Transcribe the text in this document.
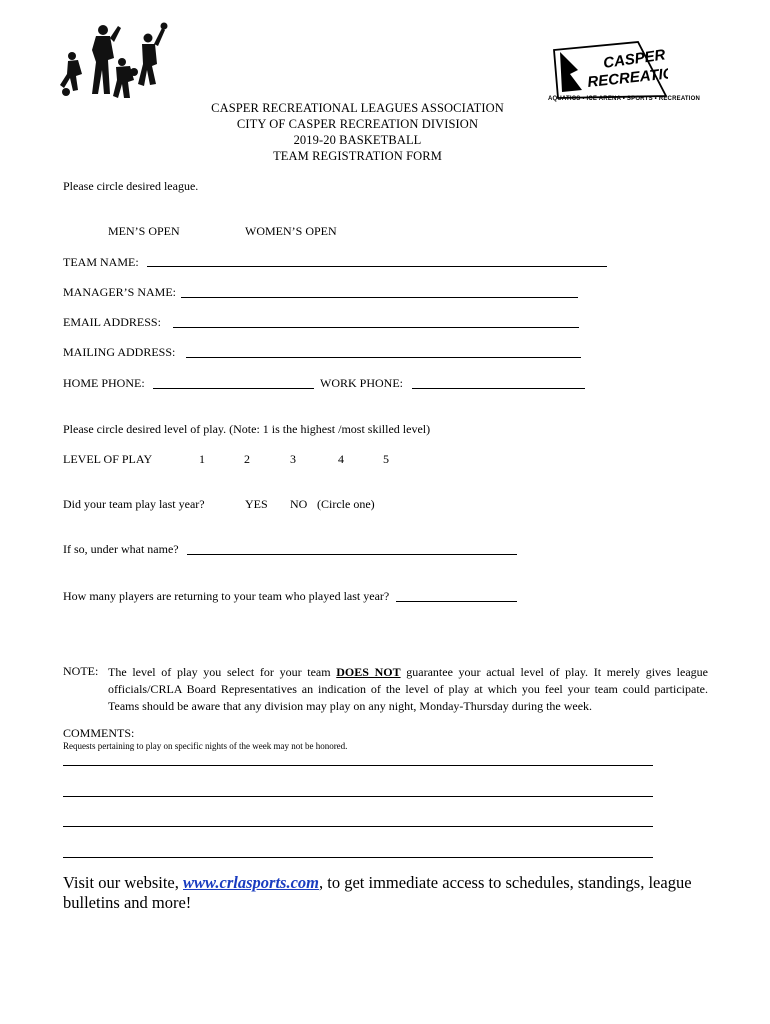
CASPER
RECREATION
AQUATICS • ICE ARENA • SPORTS • RECREATION
CASPER RECREATIONAL LEAGUES ASSOCIATION
CITY OF CASPER RECREATION DIVISION
2019-20 BASKETBALL
TEAM REGISTRATION FORM
Please circle desired league.
MEN’S OPEN	WOMEN’S OPEN
TEAM NAME:
MANAGER’S NAME:
EMAIL ADDRESS:
MAILING ADDRESS:
HOME PHONE:	WORK PHONE:
Please circle desired level of play. (Note: 1 is the highest /most skilled level)
LEVEL OF PLAY	1	2	3	4	5
Did your team play last year?	YES NO (Circle one)
If so, under what name?
How many players are returning to your team who played last year?
NOTE: The level of play you select for your team DOES NOT guarantee your actual level of play. It merely gives league officials/CRLA Board Representatives an indication of the level of play at which you feel your team could participate. Teams should be aware that any division may play on any night, Monday-Thursday during the week.
COMMENTS:
Requests pertaining to play on specific nights of the week may not be honored.
Visit our website, www.crlasports.com, to get immediate access to schedules, standings, league bulletins and more!
